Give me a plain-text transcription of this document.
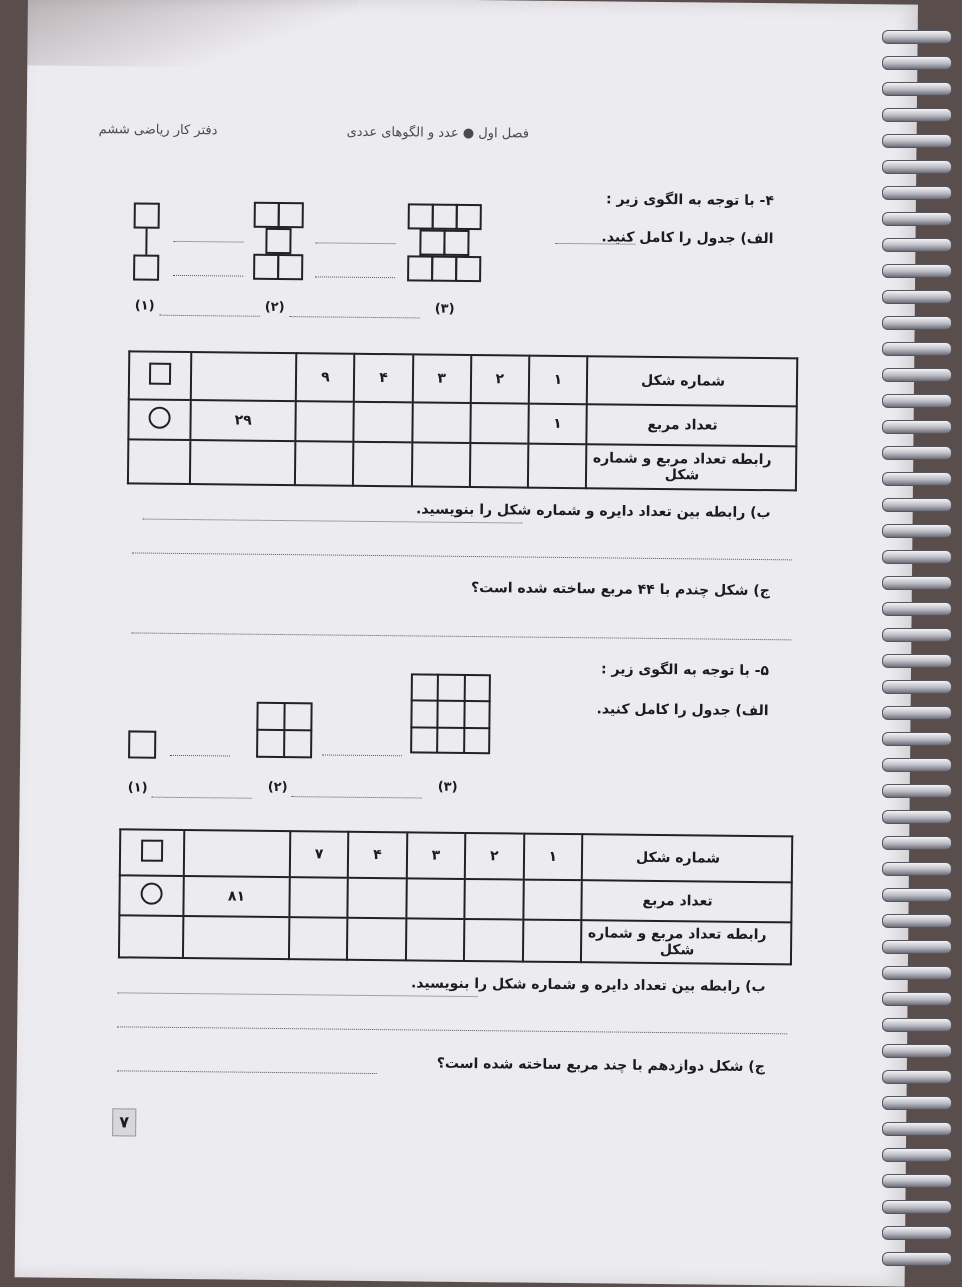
دفتر کار ریاضی ششم	فصل اول ● عدد و الگوهای عددی
۴- با توجه به الگوی زیر :
الف) جدول را کامل کنید.
(۱)	(۲)	(۳)
شماره شکل	۱	۲	۳	۴	۹		
تعداد مربع	۱					۲۹	
رابطه تعداد مربع و شماره شکل							
ب) رابطه بین تعداد دایره و شماره شکل را بنویسید.
ج) شکل چندم با ۴۴ مربع ساخته شده است؟
۵- با توجه به الگوی زیر :
الف) جدول را کامل کنید.
(۱)	(۲)	(۳)
شماره شکل	۱	۲	۳	۴	۷		
تعداد مربع						۸۱	
رابطه تعداد مربع و شماره شکل							
ب) رابطه بین تعداد دایره و شماره شکل را بنویسید.
ج) شکل دوازدهم با چند مربع ساخته شده است؟
۷
